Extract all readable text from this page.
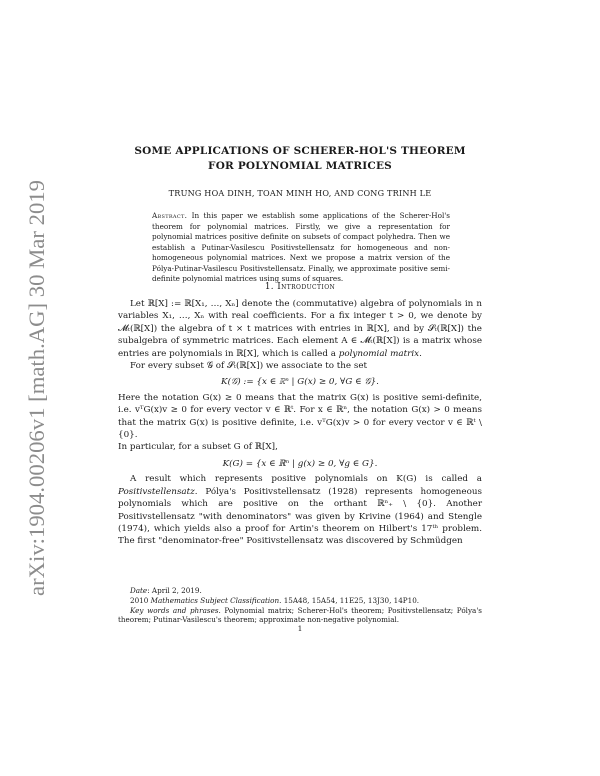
arXiv:1904.00206v1 [math.AG] 30 Mar 2019
SOME APPLICATIONS OF SCHERER-HOL'S THEOREM
FOR POLYNOMIAL MATRICES
TRUNG HOA DINH, TOAN MINH HO, AND CONG TRINH LE
Abstract. In this paper we establish some applications of the Scherer-Hol's theorem for polynomial matrices. Firstly, we give a representation for polynomial matrices positive definite on subsets of compact polyhedra. Then we establish a Putinar-Vasilescu Positivstellensatz for homogeneous and non-homogeneous polynomial matrices. Next we propose a matrix version of the Pólya-Putinar-Vasilescu Positivstellensatz. Finally, we approximate positive semi-definite polynomial matrices using sums of squares.
1. Introduction

Let ℝ[X] := ℝ[X₁, …, Xₙ] denote the (commutative) algebra of polynomials in n variables X₁, …, Xₙ with real coefficients. For a fix integer t > 0, we denote by 𝓜ₜ(ℝ[X]) the algebra of t × t matrices with entries in ℝ[X], and by 𝓢ₜ(ℝ[X]) the subalgebra of symmetric matrices. Each element A ∈ 𝓜ₜ(ℝ[X]) is a matrix whose entries are polynomials in ℝ[X], which is called a polynomial matrix.

For every subset 𝒢 of 𝓢ₜ(ℝ[X]) we associate to the set

K(𝒢) := {x ∈ ℝⁿ | G(x) ≥ 0, ∀G ∈ 𝒢}.

Here the notation G(x) ≥ 0 means that the matrix G(x) is positive semi-definite, i.e. vᵀG(x)v ≥ 0 for every vector v ∈ ℝᵗ. For x ∈ ℝⁿ, the notation G(x) > 0 means that the matrix G(x) is positive definite, i.e. vᵀG(x)v > 0 for every vector v ∈ ℝᵗ \ {0}.

In particular, for a subset G of ℝ[X],

K(G) = {x ∈ ℝⁿ | g(x) ≥ 0, ∀g ∈ G}.

A result which represents positive polynomials on K(G) is called a Positivstellensatz. Pólya's Positivstellensatz (1928) represents homogeneous polynomials which are positive on the orthant ℝⁿ₊ \ {0}. Another Positivstellensatz "with denominators" was given by Krivine (1964) and Stengle (1974), which yields also a proof for Artin's theorem on Hilbert's 17ᵗʰ problem. The first "denominator-free" Positivstellensatz was discovered by Schmüdgen

Date: April 2, 2019.

2010 Mathematics Subject Classification. 15A48, 15A54, 11E25, 13J30, 14P10.

Key words and phrases. Polynomial matrix; Scherer-Hol's theorem; Positivstellensatz; Pólya's theorem; Putinar-Vasilescu's theorem; approximate non-negative polynomial.

1
